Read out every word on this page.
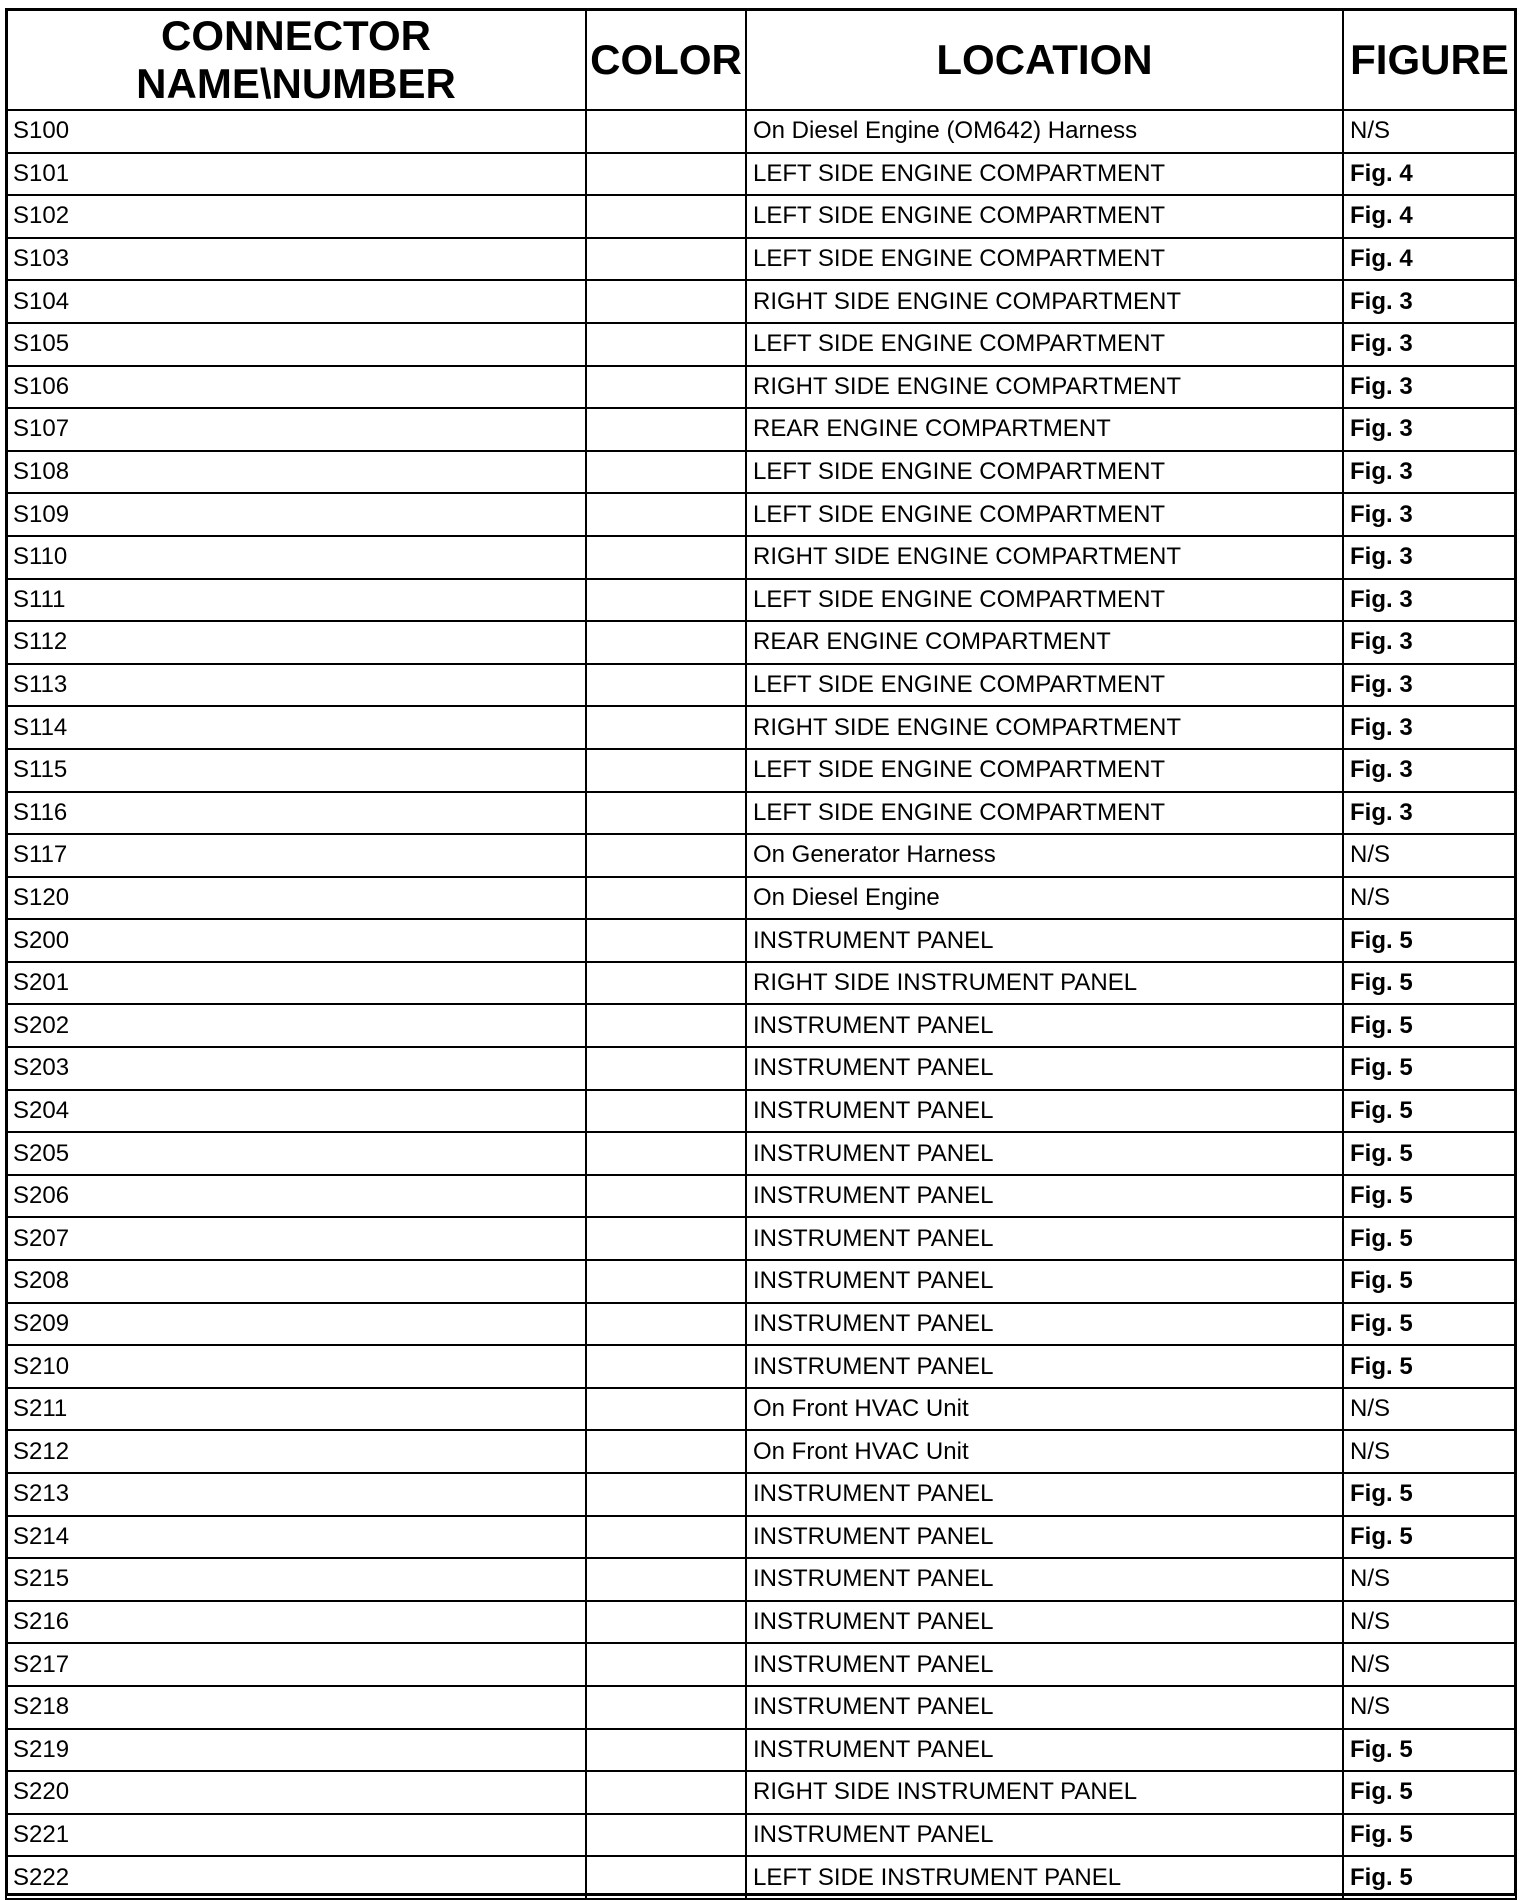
CONNECTOR
NAME\NUMBER	COLOR	LOCATION	FIGURE
S100		On Diesel Engine (OM642) Harness	N/S
S101		LEFT SIDE ENGINE COMPARTMENT	Fig. 4
S102		LEFT SIDE ENGINE COMPARTMENT	Fig. 4
S103		LEFT SIDE ENGINE COMPARTMENT	Fig. 4
S104		RIGHT SIDE ENGINE COMPARTMENT	Fig. 3
S105		LEFT SIDE ENGINE COMPARTMENT	Fig. 3
S106		RIGHT SIDE ENGINE COMPARTMENT	Fig. 3
S107		REAR ENGINE COMPARTMENT	Fig. 3
S108		LEFT SIDE ENGINE COMPARTMENT	Fig. 3
S109		LEFT SIDE ENGINE COMPARTMENT	Fig. 3
S110		RIGHT SIDE ENGINE COMPARTMENT	Fig. 3
S111		LEFT SIDE ENGINE COMPARTMENT	Fig. 3
S112		REAR ENGINE COMPARTMENT	Fig. 3
S113		LEFT SIDE ENGINE COMPARTMENT	Fig. 3
S114		RIGHT SIDE ENGINE COMPARTMENT	Fig. 3
S115		LEFT SIDE ENGINE COMPARTMENT	Fig. 3
S116		LEFT SIDE ENGINE COMPARTMENT	Fig. 3
S117		On Generator Harness	N/S
S120		On Diesel Engine	N/S
S200		INSTRUMENT PANEL	Fig. 5
S201		RIGHT SIDE INSTRUMENT PANEL	Fig. 5
S202		INSTRUMENT PANEL	Fig. 5
S203		INSTRUMENT PANEL	Fig. 5
S204		INSTRUMENT PANEL	Fig. 5
S205		INSTRUMENT PANEL	Fig. 5
S206		INSTRUMENT PANEL	Fig. 5
S207		INSTRUMENT PANEL	Fig. 5
S208		INSTRUMENT PANEL	Fig. 5
S209		INSTRUMENT PANEL	Fig. 5
S210		INSTRUMENT PANEL	Fig. 5
S211		On Front HVAC Unit	N/S
S212		On Front HVAC Unit	N/S
S213		INSTRUMENT PANEL	Fig. 5
S214		INSTRUMENT PANEL	Fig. 5
S215		INSTRUMENT PANEL	N/S
S216		INSTRUMENT PANEL	N/S
S217		INSTRUMENT PANEL	N/S
S218		INSTRUMENT PANEL	N/S
S219		INSTRUMENT PANEL	Fig. 5
S220		RIGHT SIDE INSTRUMENT PANEL	Fig. 5
S221		INSTRUMENT PANEL	Fig. 5
S222		LEFT SIDE INSTRUMENT PANEL	Fig. 5
